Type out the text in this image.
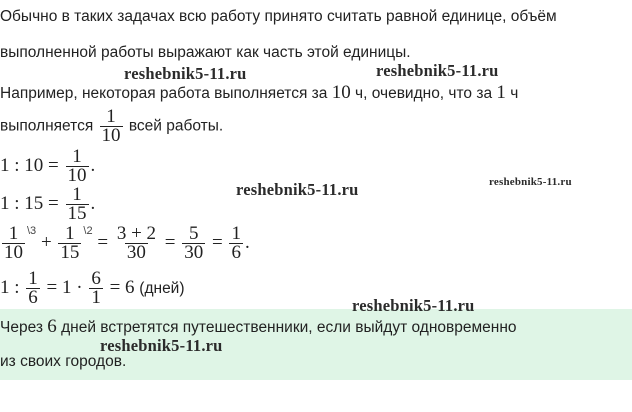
Обычно в таких задачах всю работу принято считать равной единице, объём
выполненной работы выражают как часть этой единицы.
Например, некоторая работа выполняется за 10 ч, очевидно, что за 1 ч
выполняется $\frac{1}{10}$ всей работы.
1 : $10 = \frac{1}{10}$ .
1 : $15 = \frac{1}{15}$ .
$\frac{1}{10} ^{\backslash 3} + \frac{1}{15} ^{\backslash 2} = \frac{3 + 2}{30} = \frac{5}{30} = \frac{1}{6}$ .
1 : $\frac{1}{6} = 1 \cdot \frac{6}{1} = 6$ (дней)
Через 6 дней встретятся путешественники, если выйдут одновременно
из своих городов.
reshebnik5-11.ru	reshebnik5-11.ru
reshebnik5-11.ru	reshebnik5-11.ru
reshebnik5-11.ru
reshebnik5-11.ru
